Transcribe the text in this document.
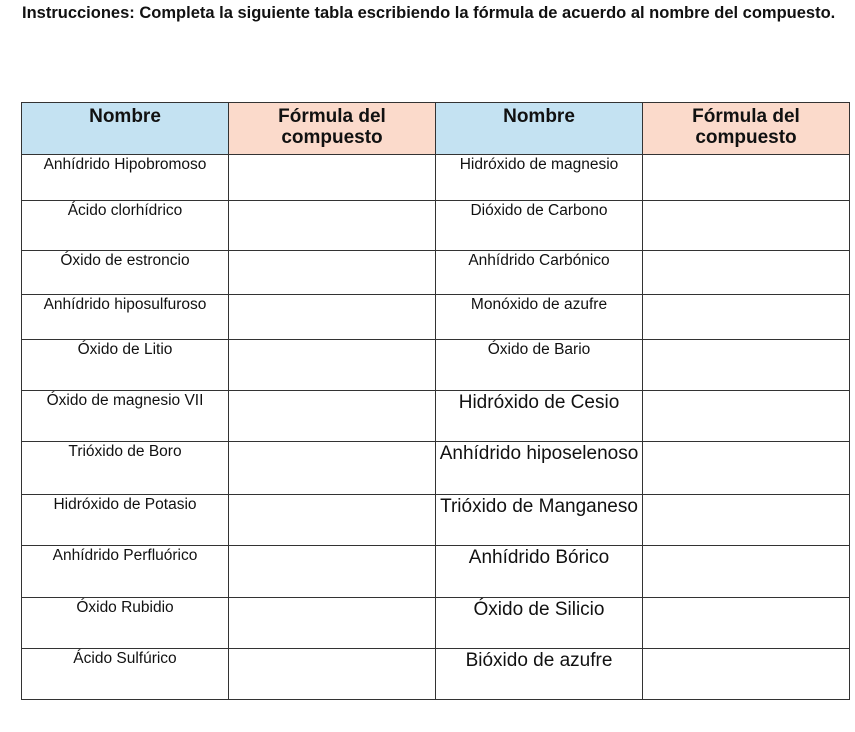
Instrucciones: Completa la siguiente tabla escribiendo la fórmula de acuerdo al nombre del compuesto.

Nombre	Fórmula del compuesto	Nombre	Fórmula del compuesto
Anhídrido Hipobromoso		Hidróxido de magnesio	
Ácido clorhídrico		Dióxido de Carbono	
Óxido de estroncio		Anhídrido Carbónico	
Anhídrido hiposulfuroso		Monóxido de azufre	
Óxido de Litio		Óxido de Bario	
Óxido de magnesio VII		Hidróxido de Cesio	
Trióxido de Boro		Anhídrido hiposelenoso	
Hidróxido de Potasio		Trióxido de Manganeso	
Anhídrido Perfluórico		Anhídrido Bórico	
Óxido Rubidio		Óxido de Silicio	
Ácido Sulfúrico		Bióxido de azufre	
